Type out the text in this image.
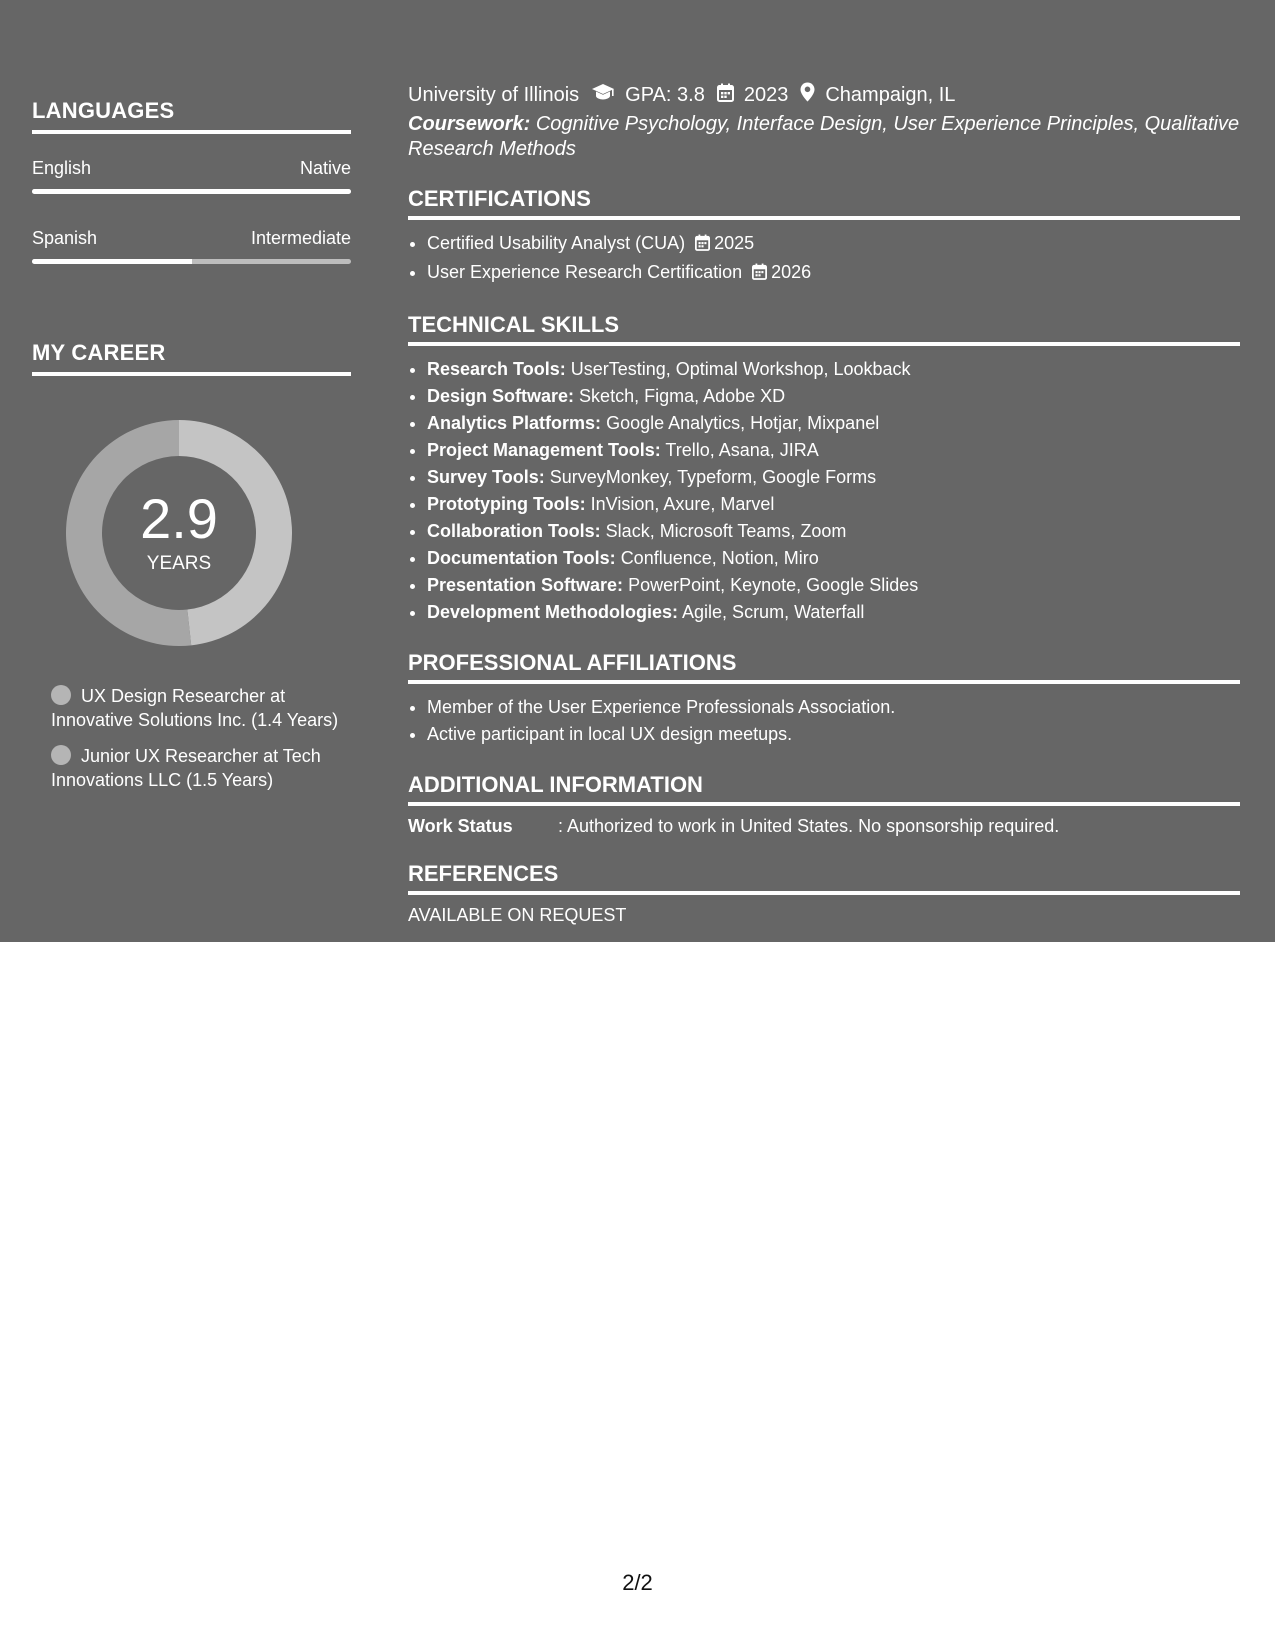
LANGUAGES
English	Native
Spanish	Intermediate
MY CAREER
2.9
YEARS
UX Design Researcher at Innovative Solutions Inc. (1.4 Years)
Junior UX Researcher at Tech Innovations LLC (1.5 Years)
University of Illinois GPA: 3.8 2023 Champaign, IL
Coursework: Cognitive Psychology, Interface Design, User Experience Principles, Qualitative Research Methods
CERTIFICATIONS
• Certified Usability Analyst (CUA) 2025
• User Experience Research Certification 2026
TECHNICAL SKILLS
• Research Tools: UserTesting, Optimal Workshop, Lookback
• Design Software: Sketch, Figma, Adobe XD
• Analytics Platforms: Google Analytics, Hotjar, Mixpanel
• Project Management Tools: Trello, Asana, JIRA
• Survey Tools: SurveyMonkey, Typeform, Google Forms
• Prototyping Tools: InVision, Axure, Marvel
• Collaboration Tools: Slack, Microsoft Teams, Zoom
• Documentation Tools: Confluence, Notion, Miro
• Presentation Software: PowerPoint, Keynote, Google Slides
• Development Methodologies: Agile, Scrum, Waterfall
PROFESSIONAL AFFILIATIONS
• Member of the User Experience Professionals Association.
• Active participant in local UX design meetups.
ADDITIONAL INFORMATION
Work Status	: Authorized to work in United States. No sponsorship required.
REFERENCES
AVAILABLE ON REQUEST
2/2
